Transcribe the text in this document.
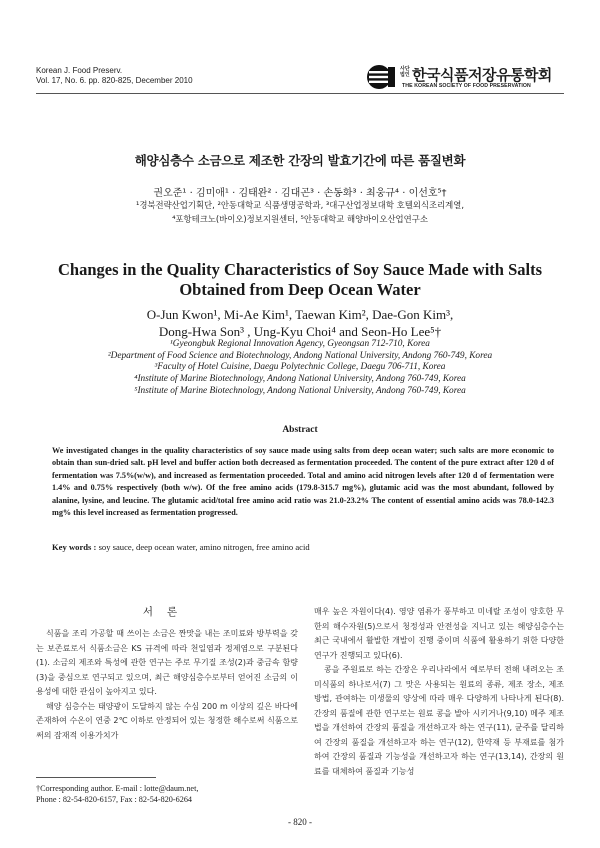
Korean J. Food Preserv.
Vol. 17, No. 6. pp. 820-825, December 2010
사단법인 한국식품저장유통학회
THE KOREAN SOCIETY OF FOOD PRESERVATION
해양심층수 소금으로 제조한 간장의 발효기간에 따른 품질변화
권오준¹ · 김미애¹ · 김태완² · 김대곤³ · 손동화³ · 최웅규⁴ · 이선호⁵†
¹경북전략산업기획단, ²안동대학교 식품생명공학과, ³대구산업정보대학 호텔외식조리계열,
⁴포항테크노(바이오)정보지원센터, ⁵안동대학교 해양바이오산업연구소
Changes in the Quality Characteristics of Soy Sauce Made with Salts
Obtained from Deep Ocean Water
O-Jun Kwon¹, Mi-Ae Kim¹, Taewan Kim², Dae-Gon Kim³,
Dong-Hwa Son³ , Ung-Kyu Choi⁴ and Seon-Ho Lee⁵†
¹Gyeongbuk Regional Innovation Agency, Gyeongsan 712-710, Korea
²Department of Food Science and Biotechnology, Andong National University, Andong 760-749, Korea
³Faculty of Hotel Cuisine, Daegu Polytechnic College, Daegu 706-711, Korea
⁴Institute of Marine Biotechnology, Andong National University, Andong 760-749, Korea
⁵Institute of Marine Biotechnology, Andong National University, Andong 760-749, Korea
Abstract
We investigated changes in the quality characteristics of soy sauce made using salts from deep ocean water; such salts are more economic to obtain than sun-dried salt. pH level and buffer action both decreased as fermentation proceeded. The content of the pure extract after 120 d of fermentation was 7.5%(w/w), and increased as fermentation proceeded. Total and amino acid nitrogen levels after 120 d of fermentation were 1.4% and 0.75% respectively (both w/w). Of the free amino acids (179.8-315.7 mg%), glutamic acid was the most abundant, followed by alanine, lysine, and leucine. The glutamic acid/total free amino acid ratio was 21.0-23.2% The content of essential amino acids was 78.0-142.3 mg% this level increased as fermentation progressed.
Key words : soy sauce, deep ocean water, amino nitrogen, free amino acid
서론

식품을 조리 가공할 때 쓰이는 소금은 짠맛을 내는 조미료와 방부력을 갖는 보존료로서 식품소금은 KS 규격에 따라 천일염과 정제염으로 구분된다(1). 소금의 제조와 특성에 관한 연구는 주로 무기질 조성(2)과 중금속 함량(3)을 중심으로 연구되고 있으며, 최근 해양심층수로부터 얻어진 소금의 이용성에 대한 관심이 높아지고 있다.

해양 심층수는 태양광이 도달하지 않는 수심 200 m 이상의 깊은 바다에 존재하여 수온이 연중 2℃ 이하로 안정되어 있는 청정한 해수로써 식품으로써의 잠재적 이용가치가

매우 높은 자원이다(4). 영양 염류가 풍부하고 미네랄 조성이 양호한 무한의 해수자원(5)으로서 청정성과 안전성을 지니고 있는 해양심층수는 최근 국내에서 활발한 개발이 진행 중이며 식품에 활용하기 위한 다양한 연구가 진행되고 있다(6).

콩을 주원료로 하는 간장은 우리나라에서 예로부터 전해 내려오는 조미식품의 하나로서(7) 그 맛은 사용되는 원료의 종류, 제조 장소, 제조 방법, 관여하는 미생물의 양상에 따라 매우 다양하게 나타나게 된다(8). 간장의 품질에 관한 연구로는 원료 콩을 발아 시키거나(9,10) 메주 제조법을 개선하여 간장의 품질을 개선하고자 하는 연구(11), 균주를 달리하여 간장의 품질을 개선하고자 하는 연구(12), 한약재 등 부재료를 첨가하여 간장의 품질과 기능성을 개선하고자 하는 연구(13,14), 간장의 원료를 대체하여 품질과 기능성

†Corresponding author. E-mail : lotte@daum.net,
Phone : 82-54-820-6157, Fax : 82-54-820-6264
- 820 -
